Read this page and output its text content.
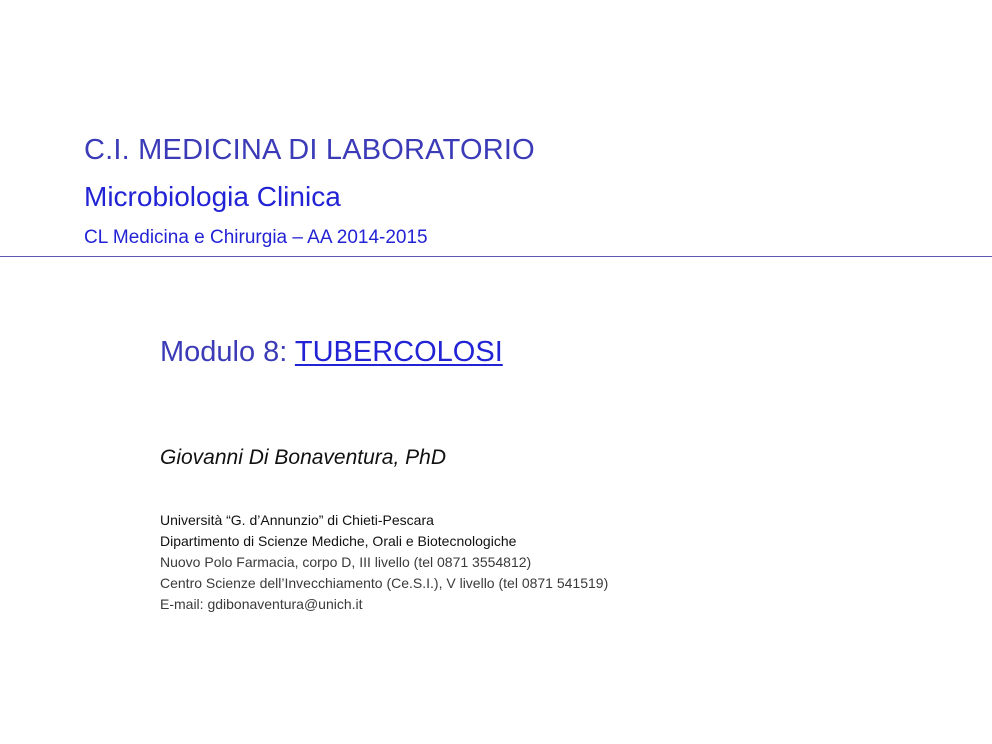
C.I. MEDICINA DI LABORATORIO
Microbiologia Clinica
CL Medicina e Chirurgia – AA 2014-2015
Modulo 8: TUBERCOLOSI
Giovanni Di Bonaventura, PhD
Università “G. d’Annunzio” di Chieti-Pescara
Dipartimento di Scienze Mediche, Orali e Biotecnologiche
Nuovo Polo Farmacia, corpo D, III livello (tel 0871 3554812)
Centro Scienze dell’Invecchiamento (Ce.S.I.), V livello (tel 0871 541519)
E-mail: gdibonaventura@unich.it
